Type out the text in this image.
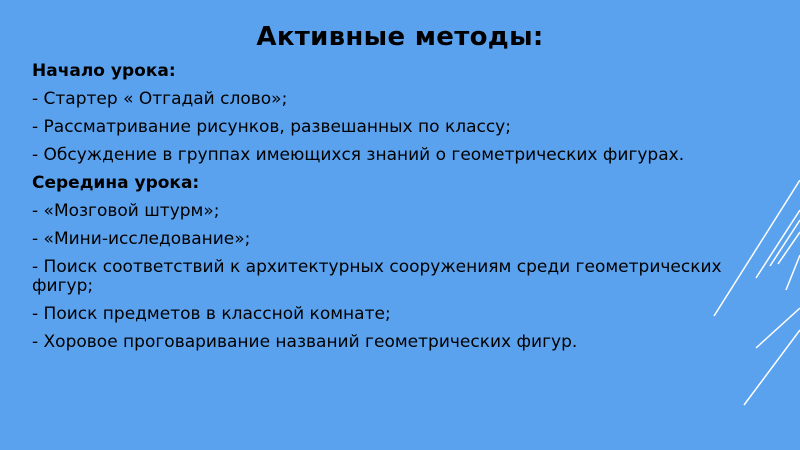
Активные методы:
Начало урока:
- Стартер « Отгадай слово»;
- Рассматривание рисунков, развешанных по классу;
- Обсуждение в группах имеющихся знаний о геометрических фигурах.
Середина урока:
- «Мозговой штурм»;
- «Мини-исследование»;
- Поиск соответствий к архитектурных сооружениям среди геометрических фигур;
- Поиск предметов в классной комнате;
- Хоровое проговаривание названий геометрических фигур.
